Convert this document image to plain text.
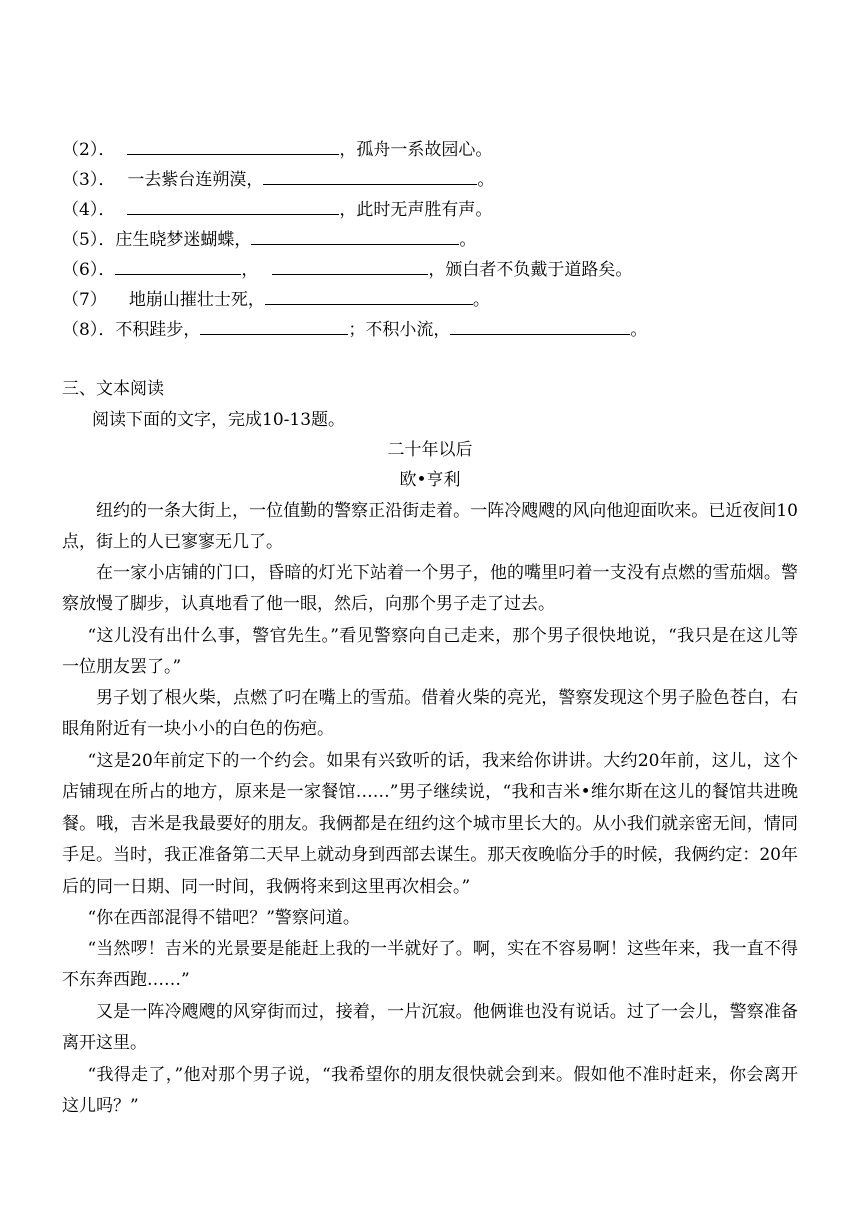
（2）．	，孤舟一系故园心。
（3）． 一去紫台连朔漠，	。
（4）．	，此时无声胜有声。
（5）．庄生晓梦迷蝴蝶，	。
（6）．	，	，颁白者不负戴于道路矣。
（7） 地崩山摧壮士死，	。
（8）．不积跬步，	；不积小流，	。
三、文本阅读
阅读下面的文字，完成10-13题。
二十年以后
欧•亨利

纽约的一条大街上，一位值勤的警察正沿街走着。一阵冷飕飕的风向他迎面吹来。已近夜间10点，街上的人已寥寥无几了。

在一家小店铺的门口，昏暗的灯光下站着一个男子，他的嘴里叼着一支没有点燃的雪茄烟。警察放慢了脚步，认真地看了他一眼，然后，向那个男子走了过去。

“这儿没有出什么事，警官先生。”看见警察向自己走来，那个男子很快地说，“我只是在这儿等一位朋友罢了。”

男子划了根火柴，点燃了叼在嘴上的雪茄。借着火柴的亮光，警察发现这个男子脸色苍白，右眼角附近有一块小小的白色的伤疤。

“这是20年前定下的一个约会。如果有兴致听的话，我来给你讲讲。大约20年前，这儿，这个店铺现在所占的地方，原来是一家餐馆……”男子继续说，“我和吉米•维尔斯在这儿的餐馆共进晚餐。哦，吉米是我最要好的朋友。我俩都是在纽约这个城市里长大的。从小我们就亲密无间，情同手足。当时，我正准备第二天早上就动身到西部去谋生。那天夜晚临分手的时候，我俩约定：20年后的同一日期、同一时间，我俩将来到这里再次相会。”

“你在西部混得不错吧？”警察问道。

“当然啰！吉米的光景要是能赶上我的一半就好了。啊，实在不容易啊！这些年来，我一直不得不东奔西跑……”

又是一阵冷飕飕的风穿街而过，接着，一片沉寂。他俩谁也没有说话。过了一会儿，警察准备离开这里。

“我得走了，”他对那个男子说，“我希望你的朋友很快就会到来。假如他不准时赶来，你会离开这儿吗？”
